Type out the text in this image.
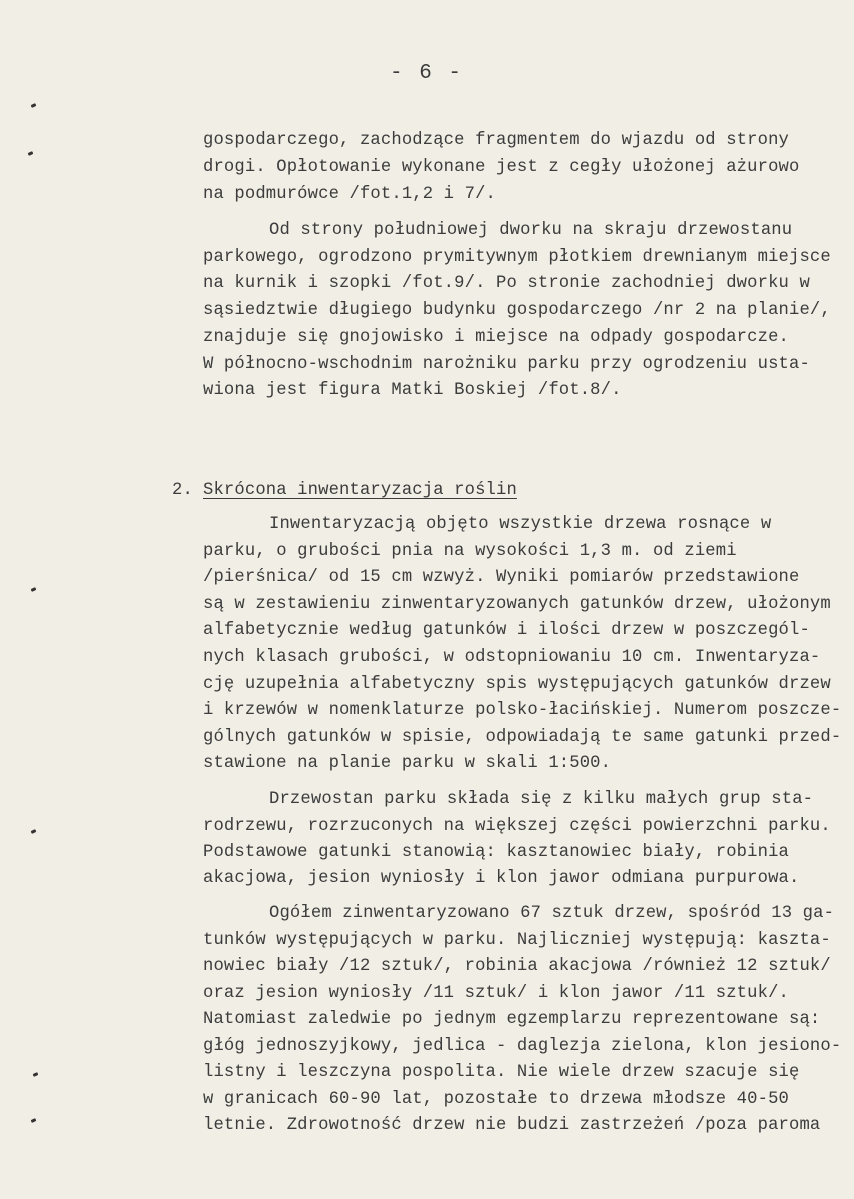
- 6 -
gospodarczego, zachodzące fragmentem do wjazdu od strony
drogi. Opłotowanie wykonane jest z cegły ułożonej ażurowo
na podmurówce /fot.1,2 i 7/.
Od strony południowej dworku na skraju drzewostanu
parkowego, ogrodzono prymitywnym płotkiem drewnianym miejsce
na kurnik i szopki /fot.9/. Po stronie zachodniej dworku w
sąsiedztwie długiego budynku gospodarczego /nr 2 na planie/,
znajduje się gnojowisko i miejsce na odpady gospodarcze.
W północno-wschodnim narożniku parku przy ogrodzeniu usta-
wiona jest figura Matki Boskiej /fot.8/.
2. Skrócona inwentaryzacja roślin
Inwentaryzacją objęto wszystkie drzewa rosnące w
parku, o grubości pnia na wysokości 1,3 m. od ziemi
/pierśnica/ od 15 cm wzwyż. Wyniki pomiarów przedstawione
są w zestawieniu zinwentaryzowanych gatunków drzew, ułożonym
alfabetycznie według gatunków i ilości drzew w poszczegól-
nych klasach grubości, w odstopniowaniu 10 cm. Inwentaryza-
cję uzupełnia alfabetyczny spis występujących gatunków drzew
i krzewów w nomenklaturze polsko-łacińskiej. Numerom poszcze-
gólnych gatunków w spisie, odpowiadają te same gatunki przed-
stawione na planie parku w skali 1:500.
Drzewostan parku składa się z kilku małych grup sta-
rodrzewu, rozrzuconych na większej części powierzchni parku.
Podstawowe gatunki stanowią: kasztanowiec biały, robinia
akacjowa, jesion wyniosły i klon jawor odmiana purpurowa.
Ogółem zinwentaryzowano 67 sztuk drzew, spośród 13 ga-
tunków występujących w parku. Najliczniej występują: kaszta-
nowiec biały /12 sztuk/, robinia akacjowa /również 12 sztuk/
oraz jesion wyniosły /11 sztuk/ i klon jawor /11 sztuk/.
Natomiast zaledwie po jednym egzemplarzu reprezentowane są:
głóg jednoszyjkowy, jedlica - daglezja zielona, klon jesiono-
listny i leszczyna pospolita. Nie wiele drzew szacuje się
w granicach 60-90 lat, pozostałe to drzewa młodsze 40-50
letnie. Zdrowotność drzew nie budzi zastrzeżeń /poza paroma
